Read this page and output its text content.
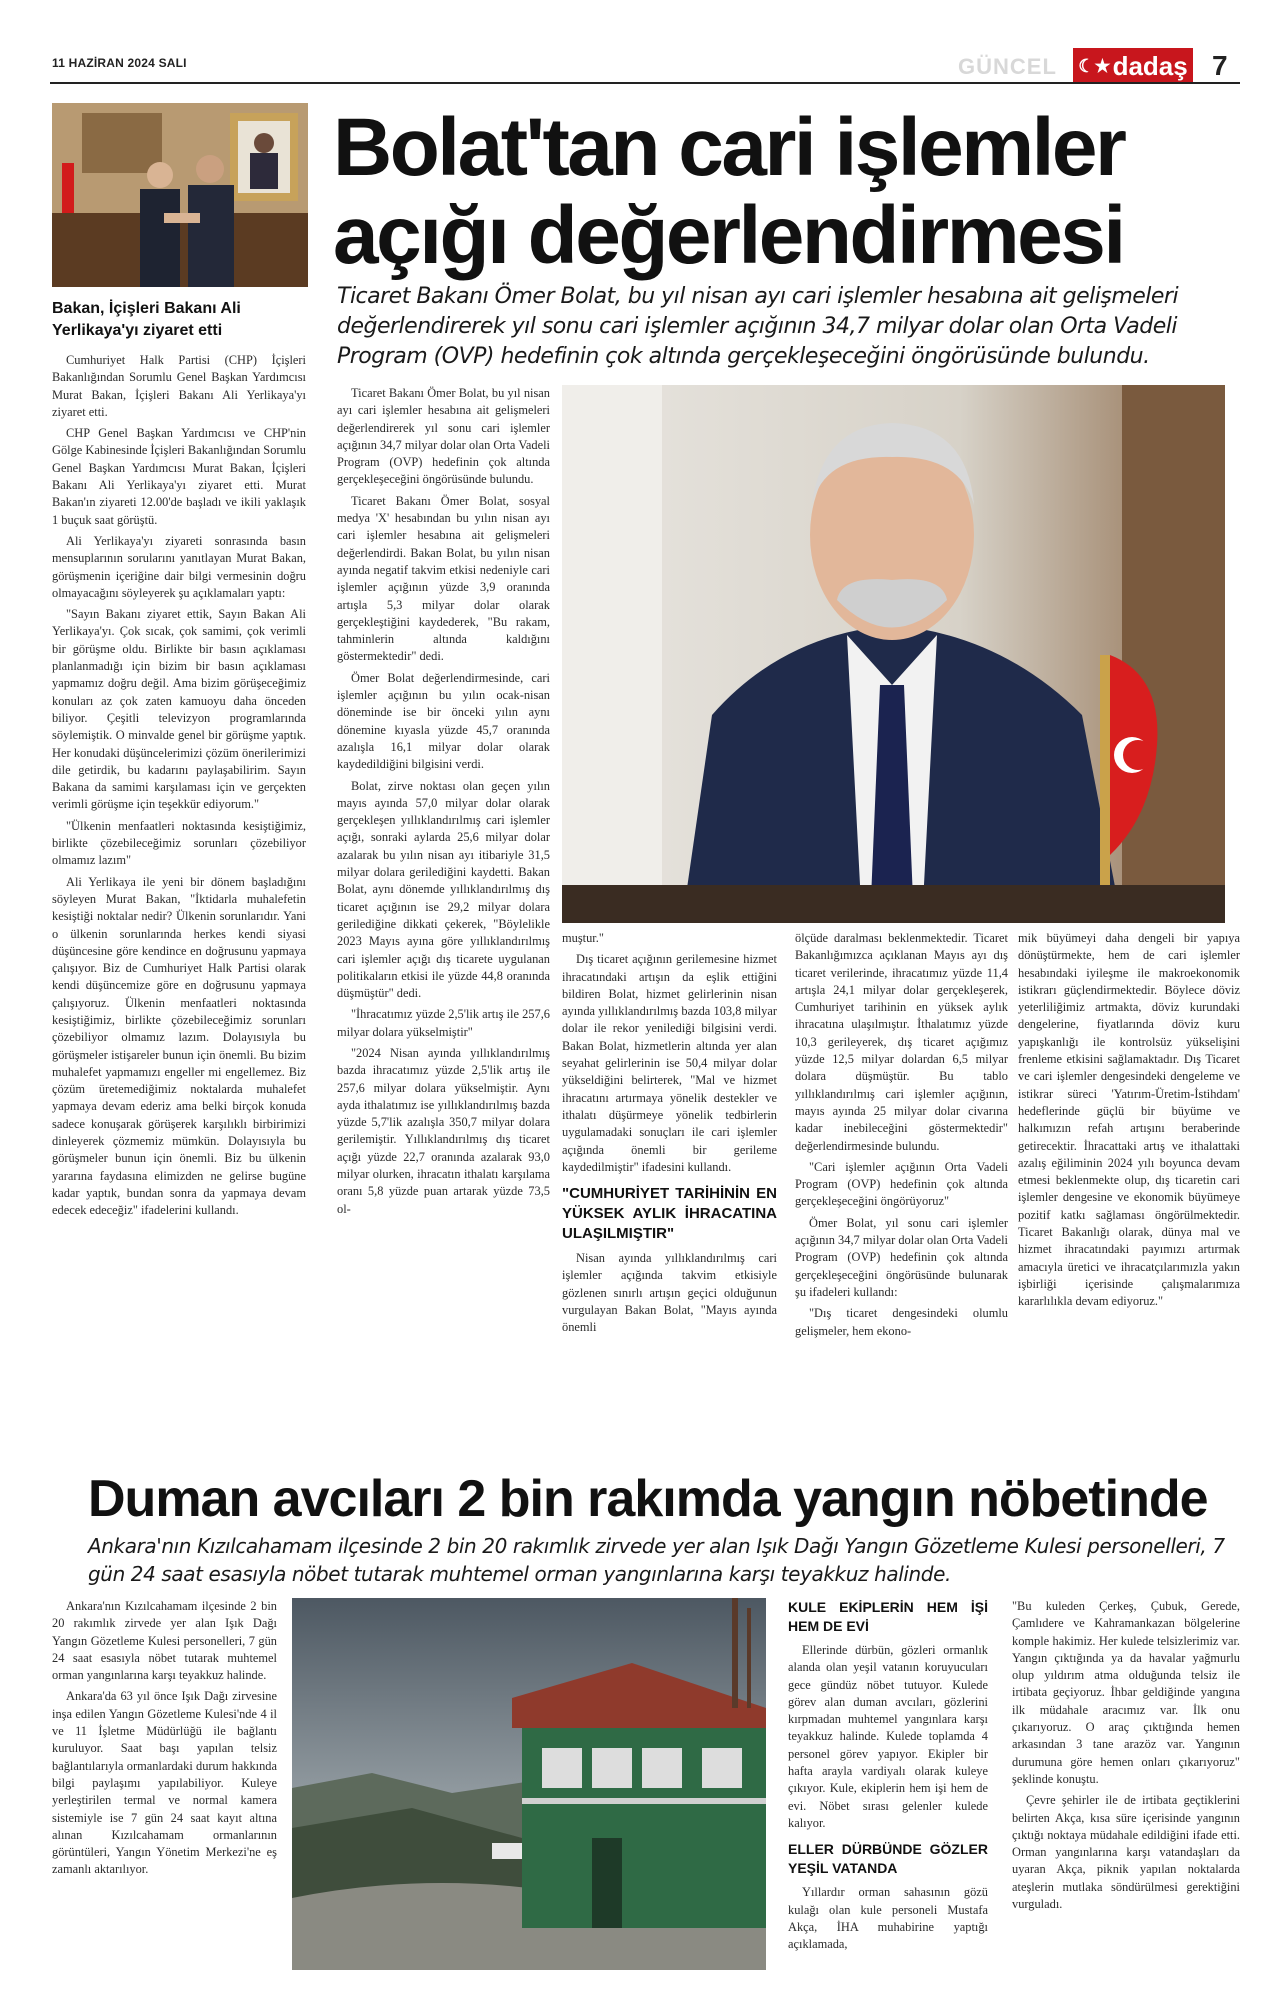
11 HAZİRAN 2024 SALI	GÜNCEL ☾★ dadaş 7
Bakan, İçişleri Bakanı Ali Yerlikaya'yı ziyaret etti

Cumhuriyet Halk Partisi (CHP) İçişleri Bakanlığından Sorumlu Genel Başkan Yardımcısı Murat Bakan, İçişleri Bakanı Ali Yerlikaya'yı ziyaret etti.

CHP Genel Başkan Yardımcısı ve CHP'nin Gölge Kabinesinde İçişleri Bakanlığından Sorumlu Genel Başkan Yardımcısı Murat Bakan, İçişleri Bakanı Ali Yerlikaya'yı ziyaret etti. Murat Bakan'ın ziyareti 12.00'de başladı ve ikili yaklaşık 1 buçuk saat görüştü.

Ali Yerlikaya'yı ziyareti sonrasında basın mensuplarının sorularını yanıtlayan Murat Bakan, görüşmenin içeriğine dair bilgi vermesinin doğru olmayacağını söyleyerek şu açıklamaları yaptı:

"Sayın Bakanı ziyaret ettik, Sayın Bakan Ali Yerlikaya'yı. Çok sıcak, çok samimi, çok verimli bir görüşme oldu. Birlikte bir basın açıklaması planlanmadığı için bizim bir basın açıklaması yapmamız doğru değil. Ama bizim görüşeceğimiz konuları az çok zaten kamuoyu daha önceden biliyor. Çeşitli televizyon programlarında söylemiştik. O minvalde genel bir görüşme yaptık. Her konudaki düşüncelerimizi çözüm önerilerimizi dile getirdik, bu kadarını paylaşabilirim. Sayın Bakana da samimi karşılaması için ve gerçekten verimli görüşme için teşekkür ediyorum."

"Ülkenin menfaatleri noktasında kesiştiğimiz, birlikte çözebileceğimiz sorunları çözebiliyor olmamız lazım"

Ali Yerlikaya ile yeni bir dönem başladığını söyleyen Murat Bakan, "İktidarla muhalefetin kesiştiği noktalar nedir? Ülkenin sorunlarıdır. Yani o ülkenin sorunlarında herkes kendi siyasi düşüncesine göre kendince en doğrusunu yapmaya çalışıyor. Biz de Cumhuriyet Halk Partisi olarak kendi düşüncemize göre en doğrusunu yapmaya çalışıyoruz. Ülkenin menfaatleri noktasında kesiştiğimiz, birlikte çözebileceğimiz sorunları çözebiliyor olmamız lazım. Dolayısıyla bu görüşmeler istişareler bunun için önemli. Bu bizim muhalefet yapmamızı engeller mi engellemez. Biz çözüm üretemediğimiz noktalarda muhalefet yapmaya devam ederiz ama belki birçok konuda sadece konuşarak görüşerek karşılıklı birbirimizi dinleyerek çözmemiz mümkün. Dolayısıyla bu görüşmeler bunun için önemli. Biz bu ülkenin yararına faydasına elimizden ne gelirse bugüne kadar yaptık, bundan sonra da yapmaya devam edecek edeceğiz" ifadelerini kullandı.

Bolat'tan cari işlemler açığı değerlendirmesi
Ticaret Bakanı Ömer Bolat, bu yıl nisan ayı cari işlemler hesabına ait gelişmeleri değerlendirerek yıl sonu cari işlemler açığının 34,7 milyar dolar olan Orta Vadeli Program (OVP) hedefinin çok altında gerçekleşeceğini öngörüsünde bulundu.

Ticaret Bakanı Ömer Bolat, bu yıl nisan ayı cari işlemler hesabına ait gelişmeleri değerlendirerek yıl sonu cari işlemler açığının 34,7 milyar dolar olan Orta Vadeli Program (OVP) hedefinin çok altında gerçekleşeceğini öngörüsünde bulundu.

Ticaret Bakanı Ömer Bolat, sosyal medya 'X' hesabından bu yılın nisan ayı cari işlemler hesabına ait gelişmeleri değerlendirdi. Bakan Bolat, bu yılın nisan ayında negatif takvim etkisi nedeniyle cari işlemler açığının yüzde 3,9 oranında artışla 5,3 milyar dolar olarak gerçekleştiğini kaydederek, "Bu rakam, tahminlerin altında kaldığını göstermektedir" dedi.

Ömer Bolat değerlendirmesinde, cari işlemler açığının bu yılın ocak-nisan döneminde ise bir önceki yılın aynı dönemine kıyasla yüzde 45,7 oranında azalışla 16,1 milyar dolar olarak kaydedildiğini bilgisini verdi.

Bolat, zirve noktası olan geçen yılın mayıs ayında 57,0 milyar dolar olarak gerçekleşen yıllıklandırılmış cari işlemler açığı, sonraki aylarda 25,6 milyar dolar azalarak bu yılın nisan ayı itibariyle 31,5 milyar dolara gerilediğini kaydetti. Bakan Bolat, aynı dönemde yıllıklandırılmış dış ticaret açığının ise 29,2 milyar dolara gerilediğine dikkati çekerek, "Böylelikle 2023 Mayıs ayına göre yıllıklandırılmış cari işlemler açığı dış ticarete uygulanan politikaların etkisi ile yüzde 44,8 oranında düşmüştür" dedi.

"İhracatımız yüzde 2,5'lik artış ile 257,6 milyar dolara yükselmiştir"

"2024 Nisan ayında yıllıklandırılmış bazda ihracatımız yüzde 2,5'lik artış ile 257,6 milyar dolara yükselmiştir. Aynı ayda ithalatımız ise yıllıklandırılmış bazda yüzde 5,7'lik azalışla 350,7 milyar dolara gerilemiştir. Yıllıklandırılmış dış ticaret açığı yüzde 22,7 oranında azalarak 93,0 milyar olurken, ihracatın ithalatı karşılama oranı 5,8 yüzde puan artarak yüzde 73,5 ol-

muştur."

Dış ticaret açığının gerilemesine hizmet ihracatındaki artışın da eşlik ettiğini bildiren Bolat, hizmet gelirlerinin nisan ayında yıllıklandırılmış bazda 103,8 milyar dolar ile rekor yenilediği bilgisini verdi. Bakan Bolat, hizmetlerin altında yer alan seyahat gelirlerinin ise 50,4 milyar dolar yükseldiğini belirterek, "Mal ve hizmet ihracatını artırmaya yönelik destekler ve ithalatı düşürmeye yönelik tedbirlerin uygulamadaki sonuçları ile cari işlemler açığında önemli bir gerileme kaydedilmiştir" ifadesini kullandı.

"CUMHURİYET TARİHİNİN EN YÜKSEK AYLIK İHRACATINA ULAŞILMIŞTIR"

Nisan ayında yıllıklandırılmış cari işlemler açığında takvim etkisiyle gözlenen sınırlı artışın geçici olduğunun vurgulayan Bakan Bolat, "Mayıs ayında önemli

ölçüde daralması beklenmektedir. Ticaret Bakanlığımızca açıklanan Mayıs ayı dış ticaret verilerinde, ihracatımız yüzde 11,4 artışla 24,1 milyar dolar gerçekleşerek, Cumhuriyet tarihinin en yüksek aylık ihracatına ulaşılmıştır. İthalatımız yüzde 10,3 gerileyerek, dış ticaret açığımız yüzde 12,5 milyar dolardan 6,5 milyar dolara düşmüştür. Bu tablo yıllıklandırılmış cari işlemler açığının, mayıs ayında 25 milyar dolar civarına kadar inebileceğini göstermektedir" değerlendirmesinde bulundu.

"Cari işlemler açığının Orta Vadeli Program (OVP) hedefinin çok altında gerçekleşeceğini öngörüyoruz"

Ömer Bolat, yıl sonu cari işlemler açığının 34,7 milyar dolar olan Orta Vadeli Program (OVP) hedefinin çok altında gerçekleşeceğini öngörüsünde bulunarak şu ifadeleri kullandı:

"Dış ticaret dengesindeki olumlu gelişmeler, hem ekono-

mik büyümeyi daha dengeli bir yapıya dönüştürmekte, hem de cari işlemler hesabındaki iyileşme ile makroekonomik istikrarı güçlendirmektedir. Böylece döviz yeterliliğimiz artmakta, döviz kurundaki dengelerine, fiyatlarında döviz kuru yapışkanlığı ile kontrolsüz yükselişini frenleme etkisini sağlamaktadır. Dış Ticaret ve cari işlemler dengesindeki dengeleme ve istikrar süreci 'Yatırım-Üretim-İstihdam' hedeflerinde güçlü bir büyüme ve halkımızın refah artışını beraberinde getirecektir. İhracattaki artış ve ithalattaki azalış eğiliminin 2024 yılı boyunca devam etmesi beklenmekte olup, dış ticaretin cari işlemler dengesine ve ekonomik büyümeye pozitif katkı sağlaması öngörülmektedir. Ticaret Bakanlığı olarak, dünya mal ve hizmet ihracatındaki payımızı artırmak amacıyla üretici ve ihracatçılarımızla yakın işbirliği içerisinde çalışmalarımıza kararlılıkla devam ediyoruz."

Duman avcıları 2 bin rakımda yangın nöbetinde
Ankara'nın Kızılcahamam ilçesinde 2 bin 20 rakımlık zirvede yer alan Işık Dağı Yangın Gözetleme Kulesi personelleri, 7 gün 24 saat esasıyla nöbet tutarak muhtemel orman yangınlarına karşı teyakkuz halinde.

Ankara'nın Kızılcahamam ilçesinde 2 bin 20 rakımlık zirvede yer alan Işık Dağı Yangın Gözetleme Kulesi personelleri, 7 gün 24 saat esasıyla nöbet tutarak muhtemel orman yangınlarına karşı teyakkuz halinde.

Ankara'da 63 yıl önce Işık Dağı zirvesine inşa edilen Yangın Gözetleme Kulesi'nde 4 il ve 11 İşletme Müdürlüğü ile bağlantı kuruluyor. Saat başı yapılan telsiz bağlantılarıyla ormanlardaki durum hakkında bilgi paylaşımı yapılabiliyor. Kuleye yerleştirilen termal ve normal kamera sistemiyle ise 7 gün 24 saat kayıt altına alınan Kızılcahamam ormanlarının görüntüleri, Yangın Yönetim Merkezi'ne eş zamanlı aktarılıyor.

KULE EKİPLERİN HEM İŞİ HEM DE EVİ

Ellerinde dürbün, gözleri ormanlık alanda olan yeşil vatanın koruyucuları gece gündüz nöbet tutuyor. Kulede görev alan duman avcıları, gözlerini kırpmadan muhtemel yangınlara karşı teyakkuz halinde. Kulede toplamda 4 personel görev yapıyor. Ekipler bir hafta arayla vardiyalı olarak kuleye çıkıyor. Kule, ekiplerin hem işi hem de evi. Nöbet sırası gelenler kulede kalıyor.

ELLER DÜRBÜNDE GÖZLER YEŞİL VATANDA

Yıllardır orman sahasının gözü kulağı olan kule personeli Mustafa Akça, İHA muhabirine yaptığı açıklamada,

"Bu kuleden Çerkeş, Çubuk, Gerede, Çamlıdere ve Kahramankazan bölgelerine komple hakimiz. Her kulede telsizlerimiz var. Yangın çıktığında ya da havalar yağmurlu olup yıldırım atma olduğunda telsiz ile irtibata geçiyoruz. İhbar geldiğinde yangına ilk müdahale aracımız var. İlk onu çıkarıyoruz. O araç çıktığında hemen arkasından 3 tane arazöz var. Yangının durumuna göre hemen onları çıkarıyoruz" şeklinde konuştu.

Çevre şehirler ile de irtibata geçtiklerini belirten Akça, kısa süre içerisinde yangının çıktığı noktaya müdahale edildiğini ifade etti. Orman yangınlarına karşı vatandaşları da uyaran Akça, piknik yapılan noktalarda ateşlerin mutlaka söndürülmesi gerektiğini vurguladı.
